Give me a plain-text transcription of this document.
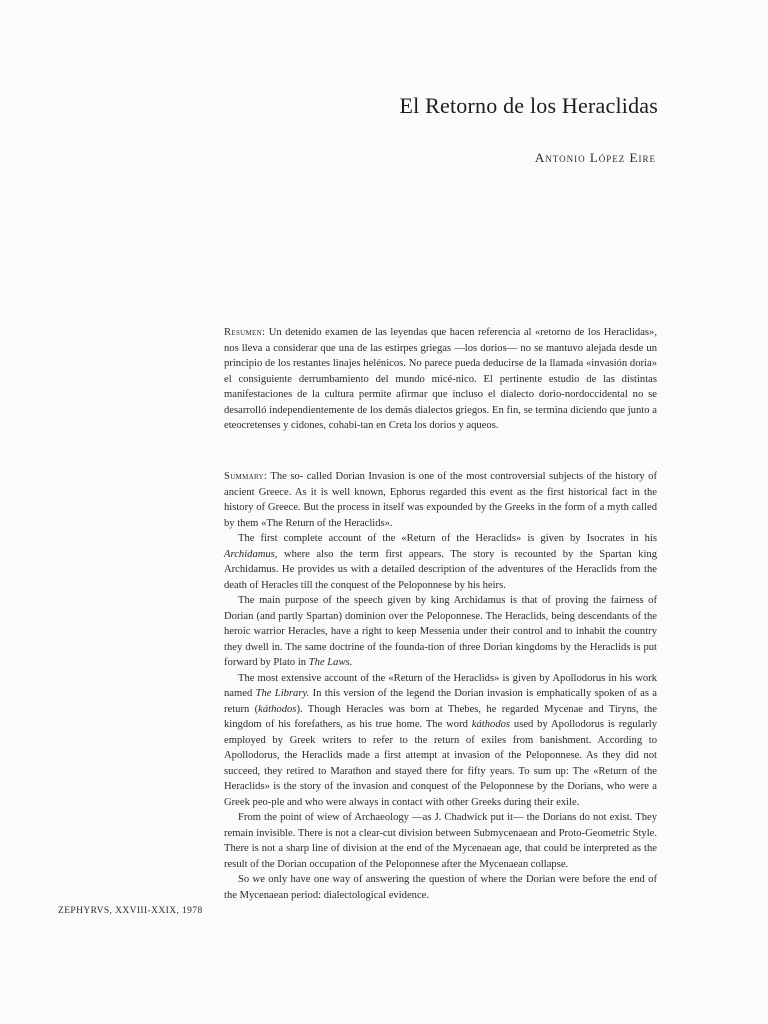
El Retorno de los Heraclidas
Antonio López Eire

Resumen: Un detenido examen de las leyendas que hacen referencia al «retorno de los Heraclidas», nos lleva a considerar que una de las estirpes griegas —los dorios— no se mantuvo alejada desde un principio de los restantes linajes helénicos. No parece pueda deducirse de la llamada «invasión doria» el consiguiente derrumbamiento del mundo micé-nico. El pertinente estudio de las distintas manifestaciones de la cultura permite afirmar que incluso el dialecto dorio-nordoccidental no se desarrolló independientemente de los demás dialectos griegos. En fin, se termina diciendo que junto a eteocretenses y cidones, cohabi-tan en Creta los dorios y aqueos.

Summary: The so- called Dorian Invasion is one of the most controversial subjects of the history of ancient Greece. As it is well known, Ephorus regarded this event as the first historical fact in the history of Greece. But the process in itself was expounded by the Greeks in the form of a myth called by them «The Return of the Heraclids».

The first complete account of the «Return of the Heraclids» is given by Isocrates in his Archidamus, where also the term first appears. The story is recounted by the Spartan king Archidamus. He provides us with a detailed description of the adventures of the Heraclids from the death of Heracles till the conquest of the Peloponnese by his heirs.

The main purpose of the speech given by king Archidamus is that of proving the fairness of Dorian (and partly Spartan) dominion over the Peloponnese. The Heraclids, being descendants of the heroic warrior Heracles, have a right to keep Messenia under their control and to inhabit the country they dwell in. The same doctrine of the founda-tion of three Dorian kingdoms by the Heraclids is put forward by Plato in The Laws.

The most extensive account of the «Return of the Heraclids» is given by Apollodorus in his work named The Library. In this version of the legend the Dorian invasion is emphatically spoken of as a return (káthodos). Though Heracles was born at Thebes, he regarded Mycenae and Tiryns, the kingdom of his forefathers, as his true home. The word káthodos used by Apollodorus is regularly employed by Greek writers to refer to the return of exiles from banishment. According to Apollodorus, the Heraclids made a first attempt at invasion of the Peloponnese. As they did not succeed, they retired to Marathon and stayed there for fifty years. To sum up: The «Return of the Heraclids» is the story of the invasion and conquest of the Peloponnese by the Dorians, who were a Greek peo-ple and who were always in contact with other Greeks during their exile.

From the point of wiew of Archaeology —as J. Chadwick put it— the Dorians do not exist. They remain invisible. There is not a clear-cut division between Submycenaean and Proto-Geometric Style. There is not a sharp line of division at the end of the Mycenaean age, that could be interpreted as the result of the Dorian occupation of the Peloponnese after the Mycenaean collapse.

So we only have one way of answering the question of where the Dorian were before the end of the Mycenaean period: dialectological evidence.

ZEPHYRVS, XXVIII-XXIX, 1978
